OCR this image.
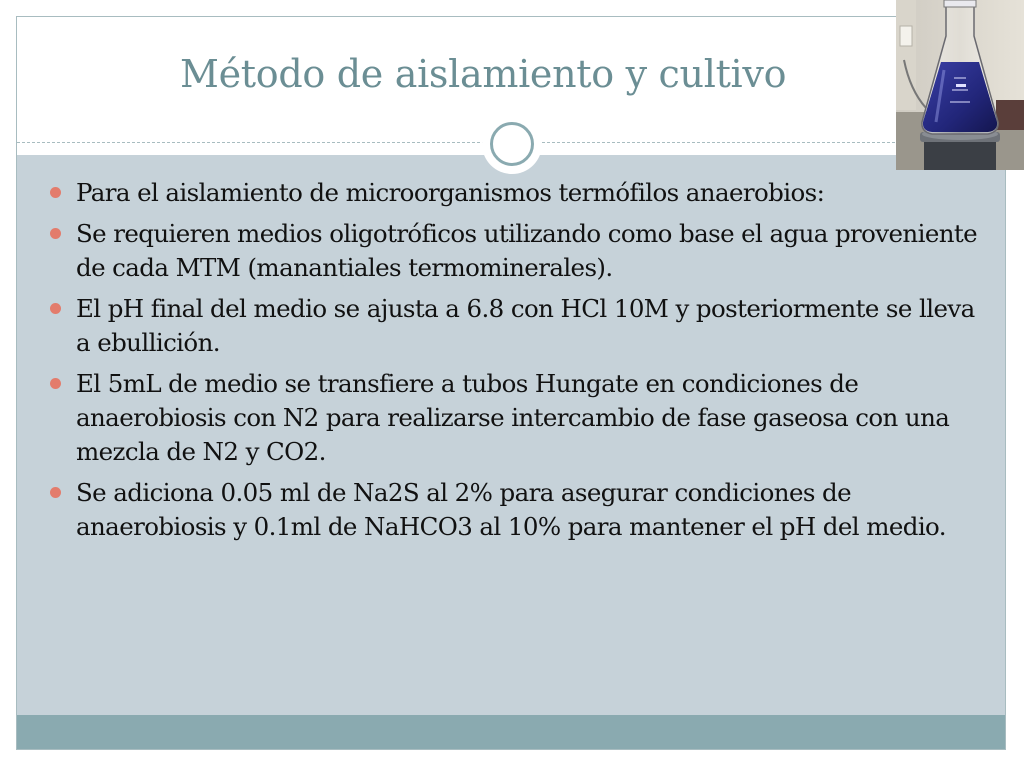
Método de aislamiento y cultivo
Para el aislamiento de microorganismos termófilos anaerobios:
Se requieren medios oligotróficos utilizando como base el agua proveniente de cada MTM (manantiales termominerales).
El pH final del medio se ajusta a 6.8 con HCl 10M y posteriormente se lleva a ebullición.
El 5mL de medio se transfiere a tubos Hungate en condiciones de anaerobiosis con N2 para realizarse intercambio de fase gaseosa con una mezcla de N2 y CO2.
Se adiciona 0.05 ml de Na2S al 2% para asegurar condiciones de anaerobiosis y 0.1ml de NaHCO3 al 10% para mantener el pH del medio.
